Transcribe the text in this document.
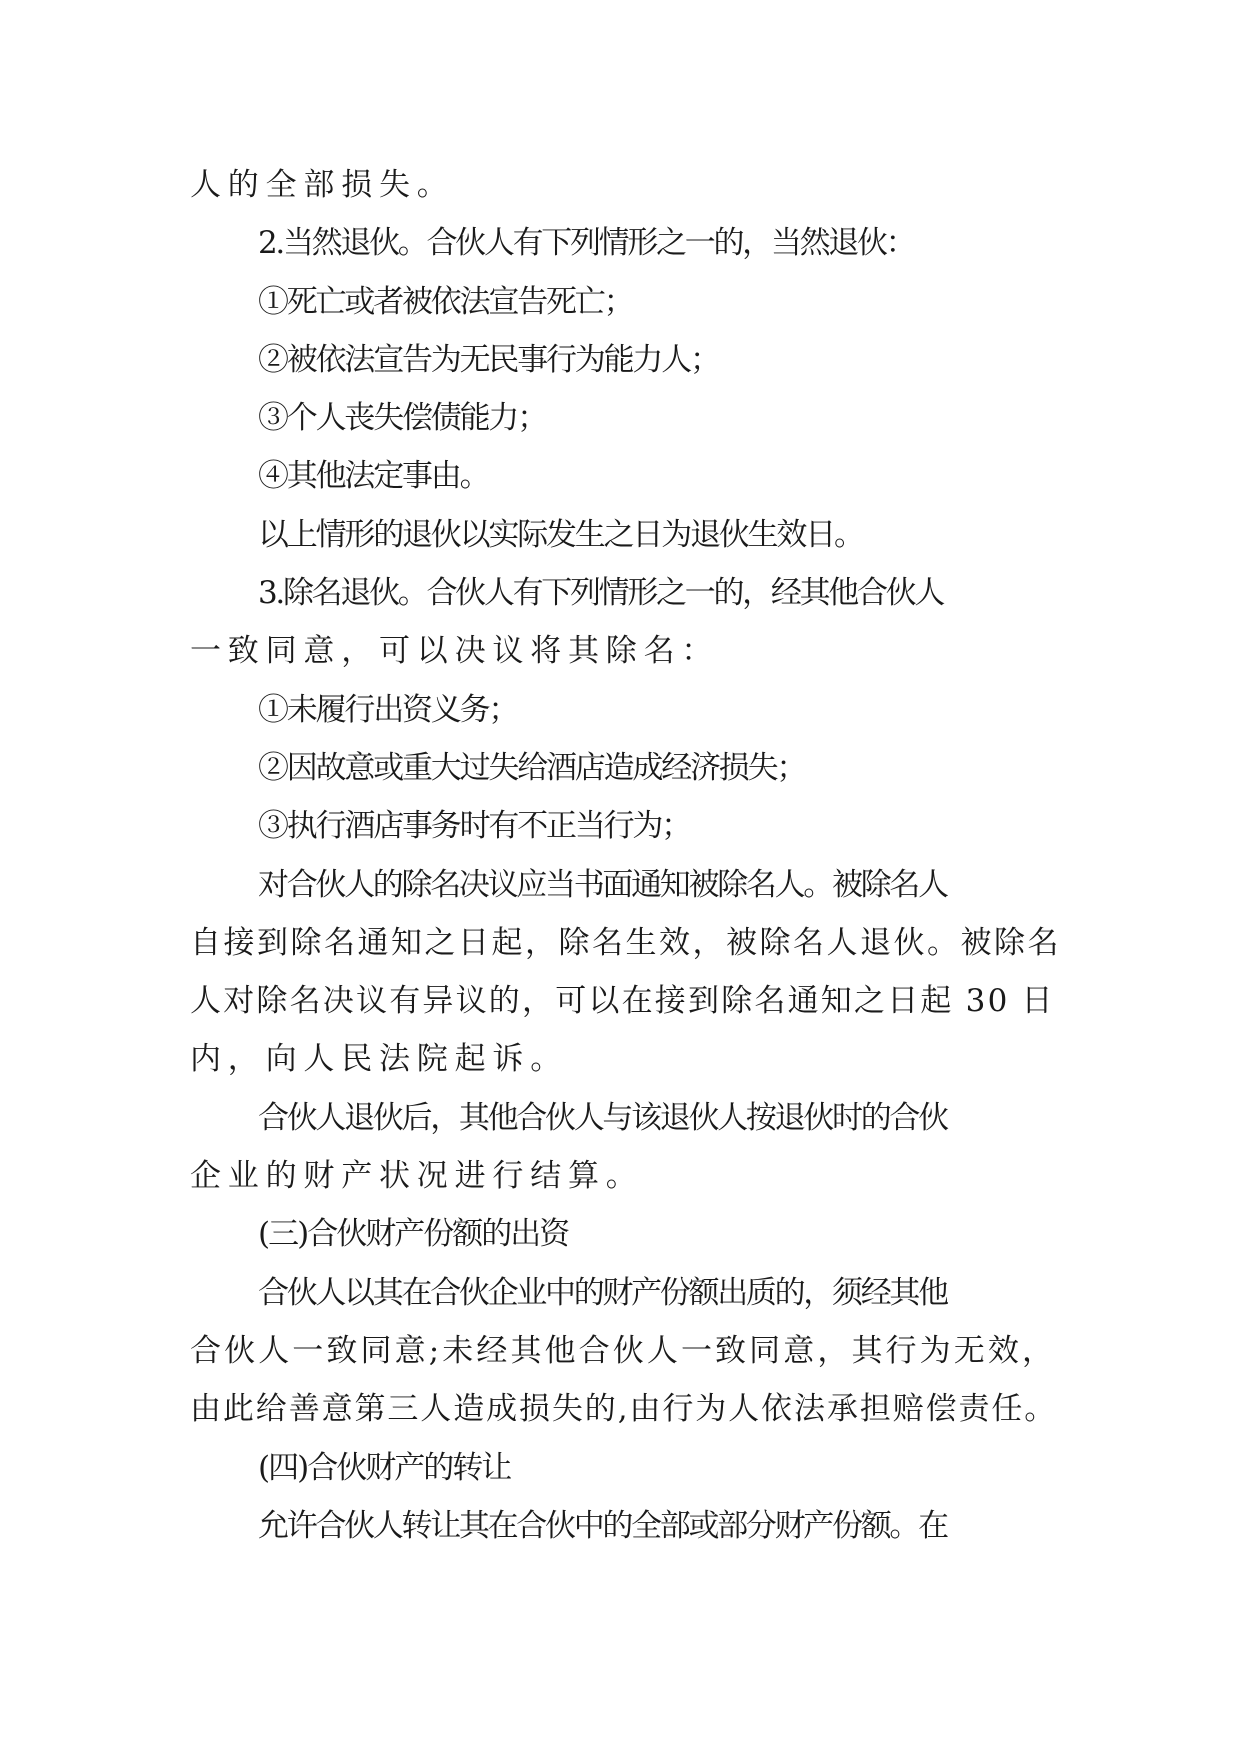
人的全部损失。
2.当然退伙。合伙人有下列情形之一的，当然退伙：
①死亡或者被依法宣告死亡；
②被依法宣告为无民事行为能力人；
③个人丧失偿债能力；
④其他法定事由。
以上情形的退伙以实际发生之日为退伙生效日。
3.除名退伙。合伙人有下列情形之一的，经其他合伙人
一致同意，可以决议将其除名：
①未履行出资义务；
②因故意或重大过失给酒店造成经济损失；
③执行酒店事务时有不正当行为；
对合伙人的除名决议应当书面通知被除名人。被除名人
自接到除名通知之日起，除名生效，被除名人退伙。被除名
人对除名决议有异议的，可以在接到除名通知之日起 30 日
内，向人民法院起诉。
合伙人退伙后，其他合伙人与该退伙人按退伙时的合伙
企业的财产状况进行结算。
(三)合伙财产份额的出资
合伙人以其在合伙企业中的财产份额出质的，须经其他
合伙人一致同意;未经其他合伙人一致同意，其行为无效，
由此给善意第三人造成损失的,由行为人依法承担赔偿责任。
(四)合伙财产的转让
允许合伙人转让其在合伙中的全部或部分财产份额。在
